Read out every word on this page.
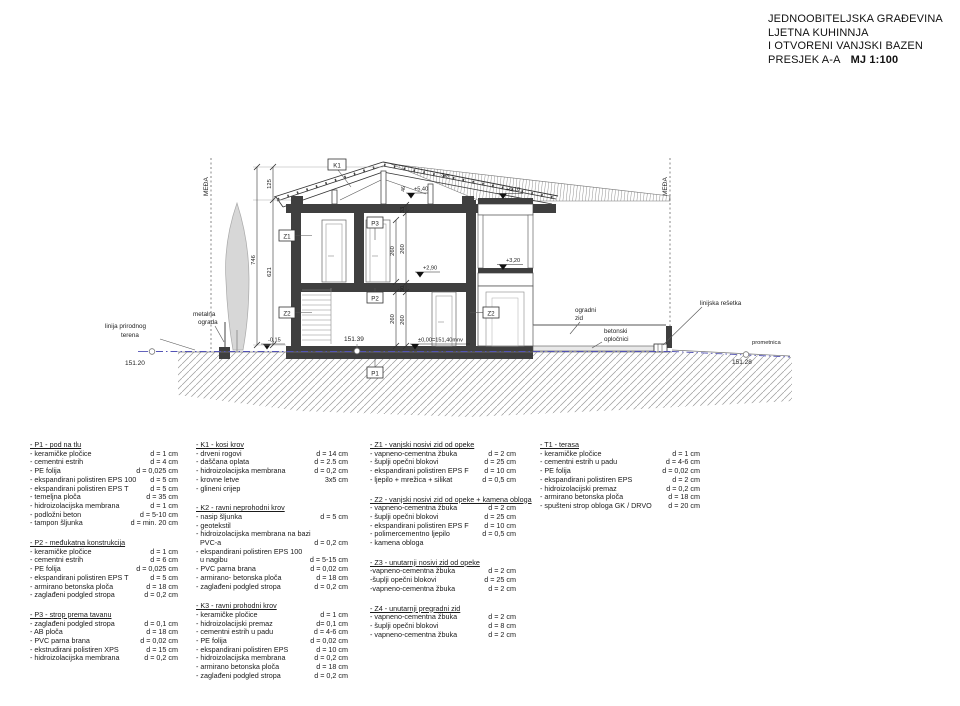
JEDNOOBITELJSKA GRAĐEVINA
LJETNA KUHINNJA
I OTVORENI VANJSKI BAZEN
PRESJEK A-A MJ 1:100
MEĐA	MEĐA
linija prirodnog
terena
151.20
metalna
ograda
ogradni
zid
betonski
opločnici
linijska rešetka
prometnica
151.28
151.39
+6,10
+5,40
+3,20
+2,90
±0,00=151,40mnv
-0,15
746
125
621
33
260
30
260
260
260
46
3x5
K1
Z1
Z2	Z2
P3
P2
P1
- P1 - pod na tlu
- keramičke pločice	d = 1 cm
- cementni estrih	d = 4 cm
- PE folija	d = 0,025 cm
- ekspandirani polistiren EPS 100 d = 5 cm
- ekspandirani polistiren EPS T	d = 5 cm
- temeljna ploča	d = 35 cm
- hidroizolacijska membrana	d = 1 cm
- podložni beton	d = 5-10 cm
- tampon šljunka	d = min. 20 cm
- P2 - međukatna konstrukcija
- keramičke pločice	d = 1 cm
- cementni estrih	d = 6 cm
- PE folija	d = 0,025 cm
- ekspandirani polistiren EPS T	d = 5 cm
- armirano betonska ploča	d = 18 cm
- zaglađeni podgled stropa	d = 0,2 cm
- P3 - strop prema tavanu
- zaglađeni podgled stropa	d = 0,1 cm
- AB ploča	d = 18 cm
- PVC parna brana	d = 0,02 cm
- ekstrudirani polistiren XPS	d = 15 cm
- hidroizolacijska membrana	d = 0,2 cm
- K1 - kosi krov
- drveni rogovi	d = 14 cm
- daščana oplata	d = 2.5 cm
- hidroizolacijska membrana	d = 0,2 cm
- krovne letve	3x5 cm
- glineni crijep
- K2 - ravni neprohodni krov
- nasip šljunka	d = 5 cm
- geotekstil
- hidroizolacijska membrana na bazi
PVC-a	d = 0,2 cm
- ekspandirani polistiren EPS 100
u nagibu	d = 5-15 cm
- PVC parna brana	d = 0,02 cm
- armirano- betonska ploča	d = 18 cm
- zaglađeni podgled stropa	d = 0,2 cm
- K3 - ravni prohodni krov
- keramičke pločice	d = 1 cm
- hidroizolacijski premaz	d= 0,1 cm
- cementni estrih u padu	d = 4-6 cm
- PE folija	d = 0,02 cm
- ekspandirani polistiren EPS	d = 10 cm
- hidroizolacijska membrana	d = 0,2 cm
- armirano betonska ploča	d = 18 cm
- zaglađeni podgled stropa	d = 0,2 cm
- Z1 - vanjski nosivi zid od opeke
- vapneno-cementna žbuka	d = 2 cm
- šuplji opečni blokovi	d = 25 cm
- ekspandirani polistiren EPS F d = 10 cm
- ljepilo + mrežica + silikat	d = 0,5 cm
- Z2 - vanjski nosivi zid od opeke + kamena obloga
- vapneno-cementna žbuka	d = 2 cm
- šuplji opečni blokovi	d = 25 cm
- ekspandirani polistiren EPS F d = 10 cm
- polimercementno ljepilo	d = 0,5 cm
- kamena obloga
- Z3 - unutarnji nosivi zid od opeke
-vapneno-cementna žbuka	d = 2 cm
-šuplji opečni blokovi	d = 25 cm
-vapneno-cementna žbuka	d = 2 cm
- Z4 - unutarnji pregradni zid
- vapneno-cementna žbuka	d = 2 cm
- šuplji opečni blokovi	d = 8 cm
- vapneno-cementna žbuka	d = 2 cm
- T1 - terasa
- keramičke pločice	d = 1 cm
- cementni estrih u padu	d = 4-6 cm
- PE folija	d = 0,02 cm
- ekspandirani polistiren EPS	d = 2 cm
- hidroizolacijski premaz	d = 0,2 cm
- armirano betonska ploča	d = 18 cm
- spušteni strop obloga GK / DRVO d = 20 cm
